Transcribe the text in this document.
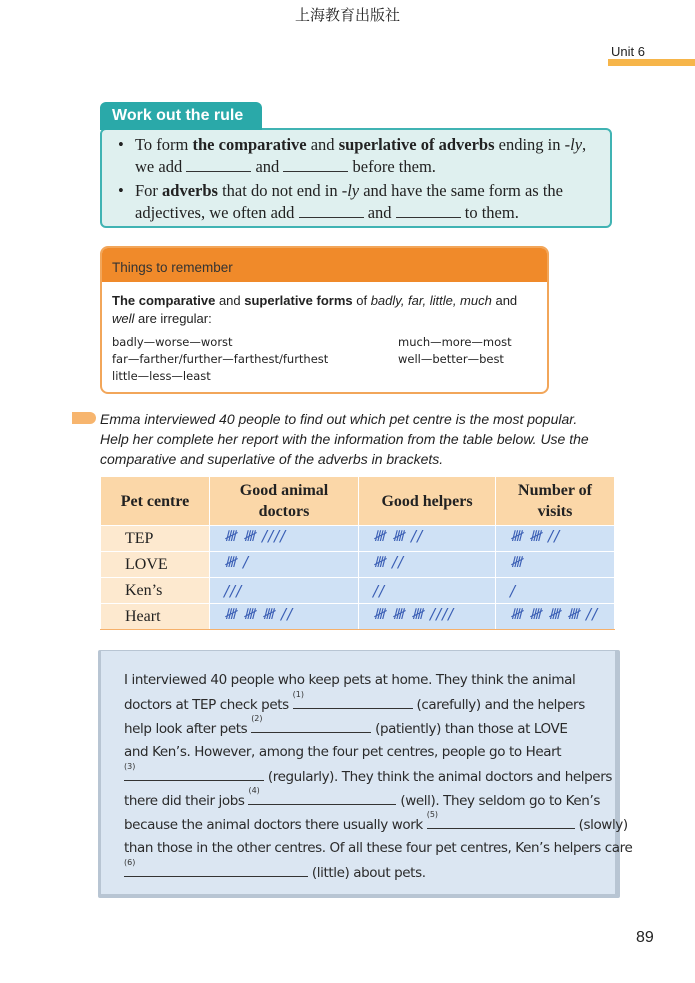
上海教育出版社
Unit 6
Work out the rule
• To form the comparative and superlative of adverbs ending in -ly,
we add	and	before them.
• For adverbs that do not end in -ly and have the same form as the
adjectives, we often add	and	to them.
Things to remember
The comparative and superlative forms of badly, far, little, much and
well are irregular:
badly—worse—worst
far—farther/further—farthest/furthest
little—less—least
much—more—most
well—better—best
Emma interviewed 40 people to find out which pet centre is the most popular.
Help her complete her report with the information from the table below. Use the
comparative and superlative of the adverbs in brackets.
Pet centre	Good animal doctors	Good helpers	Number of visits
TEP	𝍸 𝍸 ////	𝍸 𝍸 //	𝍸 𝍸 //
LOVE	𝍸 /	𝍸 //	𝍸
Ken’s	///	//	/
Heart	𝍸 𝍸 𝍸 //	𝍸 𝍸 𝍸 ////	𝍸 𝍸 𝍸 𝍸 //
I interviewed 40 people who keep pets at home. They think the animal
doctors at TEP check pets
(1)
(carefully) and the helpers
help look after pets
(2)
(patiently) than those at LOVE
and Ken’s. However, among the four pet centres, people go to Heart
(3)
(regularly). They think the animal doctors and helpers
there did their jobs
(4)
(well). They seldom go to Ken’s
because the animal doctors there usually work
(5)
(slowly)
than those in the other centres. Of all these four pet centres, Ken’s helpers care
(6)
(little) about pets.
89
